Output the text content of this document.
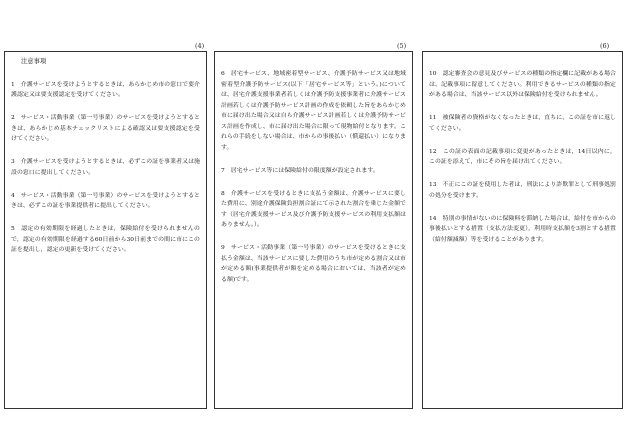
(4)	(5)	(6)
注意事項
1　介護サービスを受けようとするときは、あらかじめ市の窓口で要介護認定又は要支援認定を受けてください。
2　サービス・活動事業（第一号事業）のサービスを受けようとするときは、あらかじめ基本チェックリストによる確認又は要支援認定を受けてください。
3　介護サービスを受けようとするときは、必ずこの証を事業者又は施設の窓口に提出してください。
4　サービス・活動事業（第一号事業）のサービスを受けようとするときは、必ずこの証を事業提供者に提出してください。
5　認定の有効期限を経過したときは，保険給付を受けられませんので，認定の有効期限を経過する60日前から30日前までの間に市にこの証を提出し，認定の更新を受けてください。
6　居宅サービス、地域密着型サービス、介護予防サービス又は地域密着型介護予防サービス(以下「居宅サービス等」という。)については、居宅介護支援事業者若しくは介護予防支援事業者に介護サービス計画若しくは介護予防サービス計画の作成を依頼した旨をあらかじめ市に届け出た場合又は自ら介護サービス計画若しくは介護予防サービス計画を作成し、市に届け出た場合に限って現物給付となります。これらの手続をしない場合は、市からの事後払い（償還払い）になります。
7　居宅サービス等には保険給付の限度額が設定されます。
8　介護サービスを受けるときに支払う金額は、介護サービスに要した費用に、別途介護保険負担割合証にて示された割合を乗じた金額です（居宅介護支援サービス及び介護予防支援サービスの利用支払額はありません。）。
9　サービス・活動事業（第一号事業）のサービスを受けるときに支払う金額は、当該サービスに要した費用のうち市が定める割合又は市が定める額(事業提供者が額を定める場合においては、当該者が定める額)です。
10　認定審査会の意見及びサービスの種類の指定欄に記載がある場合は、記載事項に留意してください。利用できるサービスの種類の指定がある場合は、当該サービス以外は保険給付を受けられません。
11　被保険者の資格がなくなったときは，直ちに，この証を市に返してください。
12　この証の表面の記載事項に変更があったときは，14日以内に，この証を添えて，市にその旨を届け出てください。
13　不正にこの証を使用した者は，刑法により詐欺罪として刑事処罰の処分を受けます。
14　特別の事情がないのに保険料を滞納した場合は，給付を市からの事後払いとする措置（支払方法変更），利用時支払額を3割とする措置（給付額減額）等を受けることがあります。
